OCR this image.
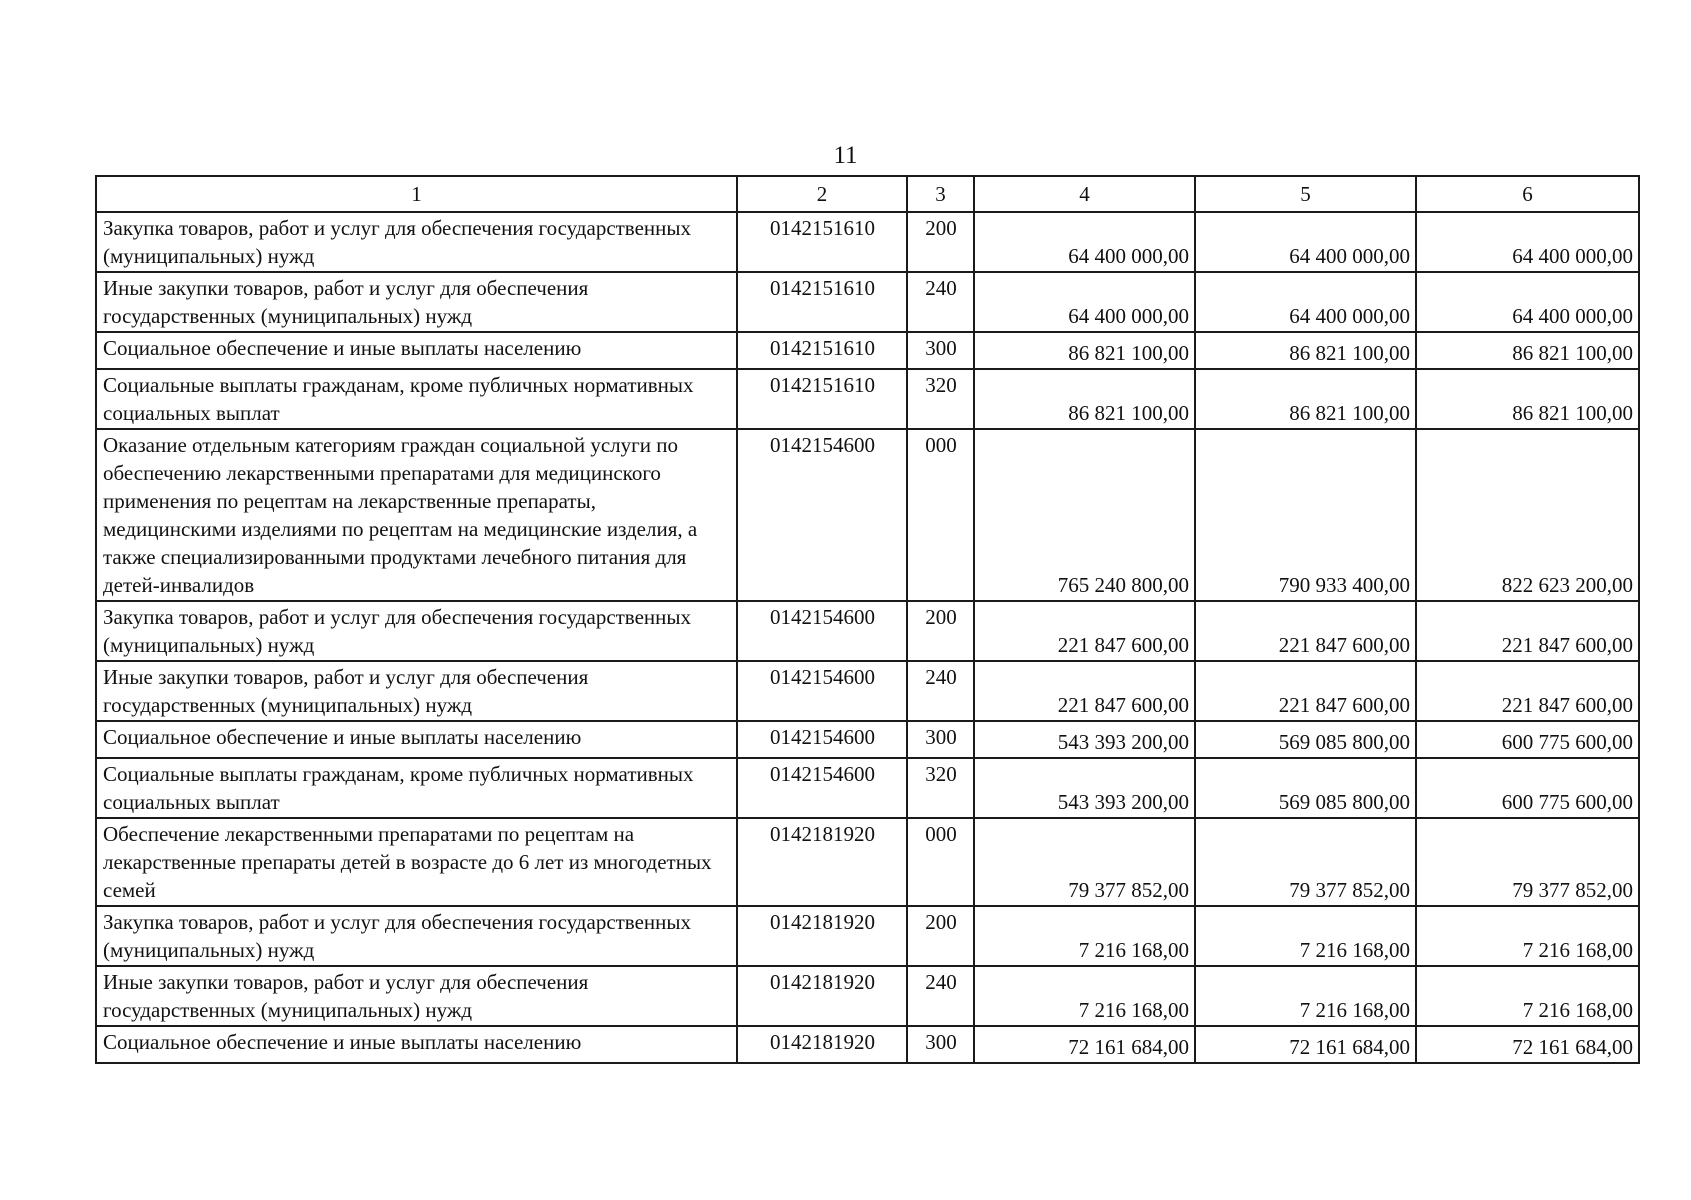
11
1	2	3	4	5	6
Закупка товаров, работ и услуг для обеспечения государственных (муниципальных) нужд	0142151610	200	64 400 000,00	64 400 000,00	64 400 000,00
Иные закупки товаров, работ и услуг для обеспечения государственных (муниципальных) нужд	0142151610	240	64 400 000,00	64 400 000,00	64 400 000,00
Социальное обеспечение и иные выплаты населению	0142151610	300	86 821 100,00	86 821 100,00	86 821 100,00
Социальные выплаты гражданам, кроме публичных нормативных социальных выплат	0142151610	320	86 821 100,00	86 821 100,00	86 821 100,00
Оказание отдельным категориям граждан социальной услуги по обеспечению лекарственными препаратами для медицинского применения по рецептам на лекарственные препараты, медицинскими изделиями по рецептам на медицинские изделия, а также специализированными продуктами лечебного питания для детей-инвалидов	0142154600	000	765 240 800,00	790 933 400,00	822 623 200,00
Закупка товаров, работ и услуг для обеспечения государственных (муниципальных) нужд	0142154600	200	221 847 600,00	221 847 600,00	221 847 600,00
Иные закупки товаров, работ и услуг для обеспечения государственных (муниципальных) нужд	0142154600	240	221 847 600,00	221 847 600,00	221 847 600,00
Социальное обеспечение и иные выплаты населению	0142154600	300	543 393 200,00	569 085 800,00	600 775 600,00
Социальные выплаты гражданам, кроме публичных нормативных социальных выплат	0142154600	320	543 393 200,00	569 085 800,00	600 775 600,00
Обеспечение лекарственными препаратами по рецептам на лекарственные препараты детей в возрасте до 6 лет из многодетных семей	0142181920	000	79 377 852,00	79 377 852,00	79 377 852,00
Закупка товаров, работ и услуг для обеспечения государственных (муниципальных) нужд	0142181920	200	7 216 168,00	7 216 168,00	7 216 168,00
Иные закупки товаров, работ и услуг для обеспечения государственных (муниципальных) нужд	0142181920	240	7 216 168,00	7 216 168,00	7 216 168,00
Социальное обеспечение и иные выплаты населению	0142181920	300	72 161 684,00	72 161 684,00	72 161 684,00
